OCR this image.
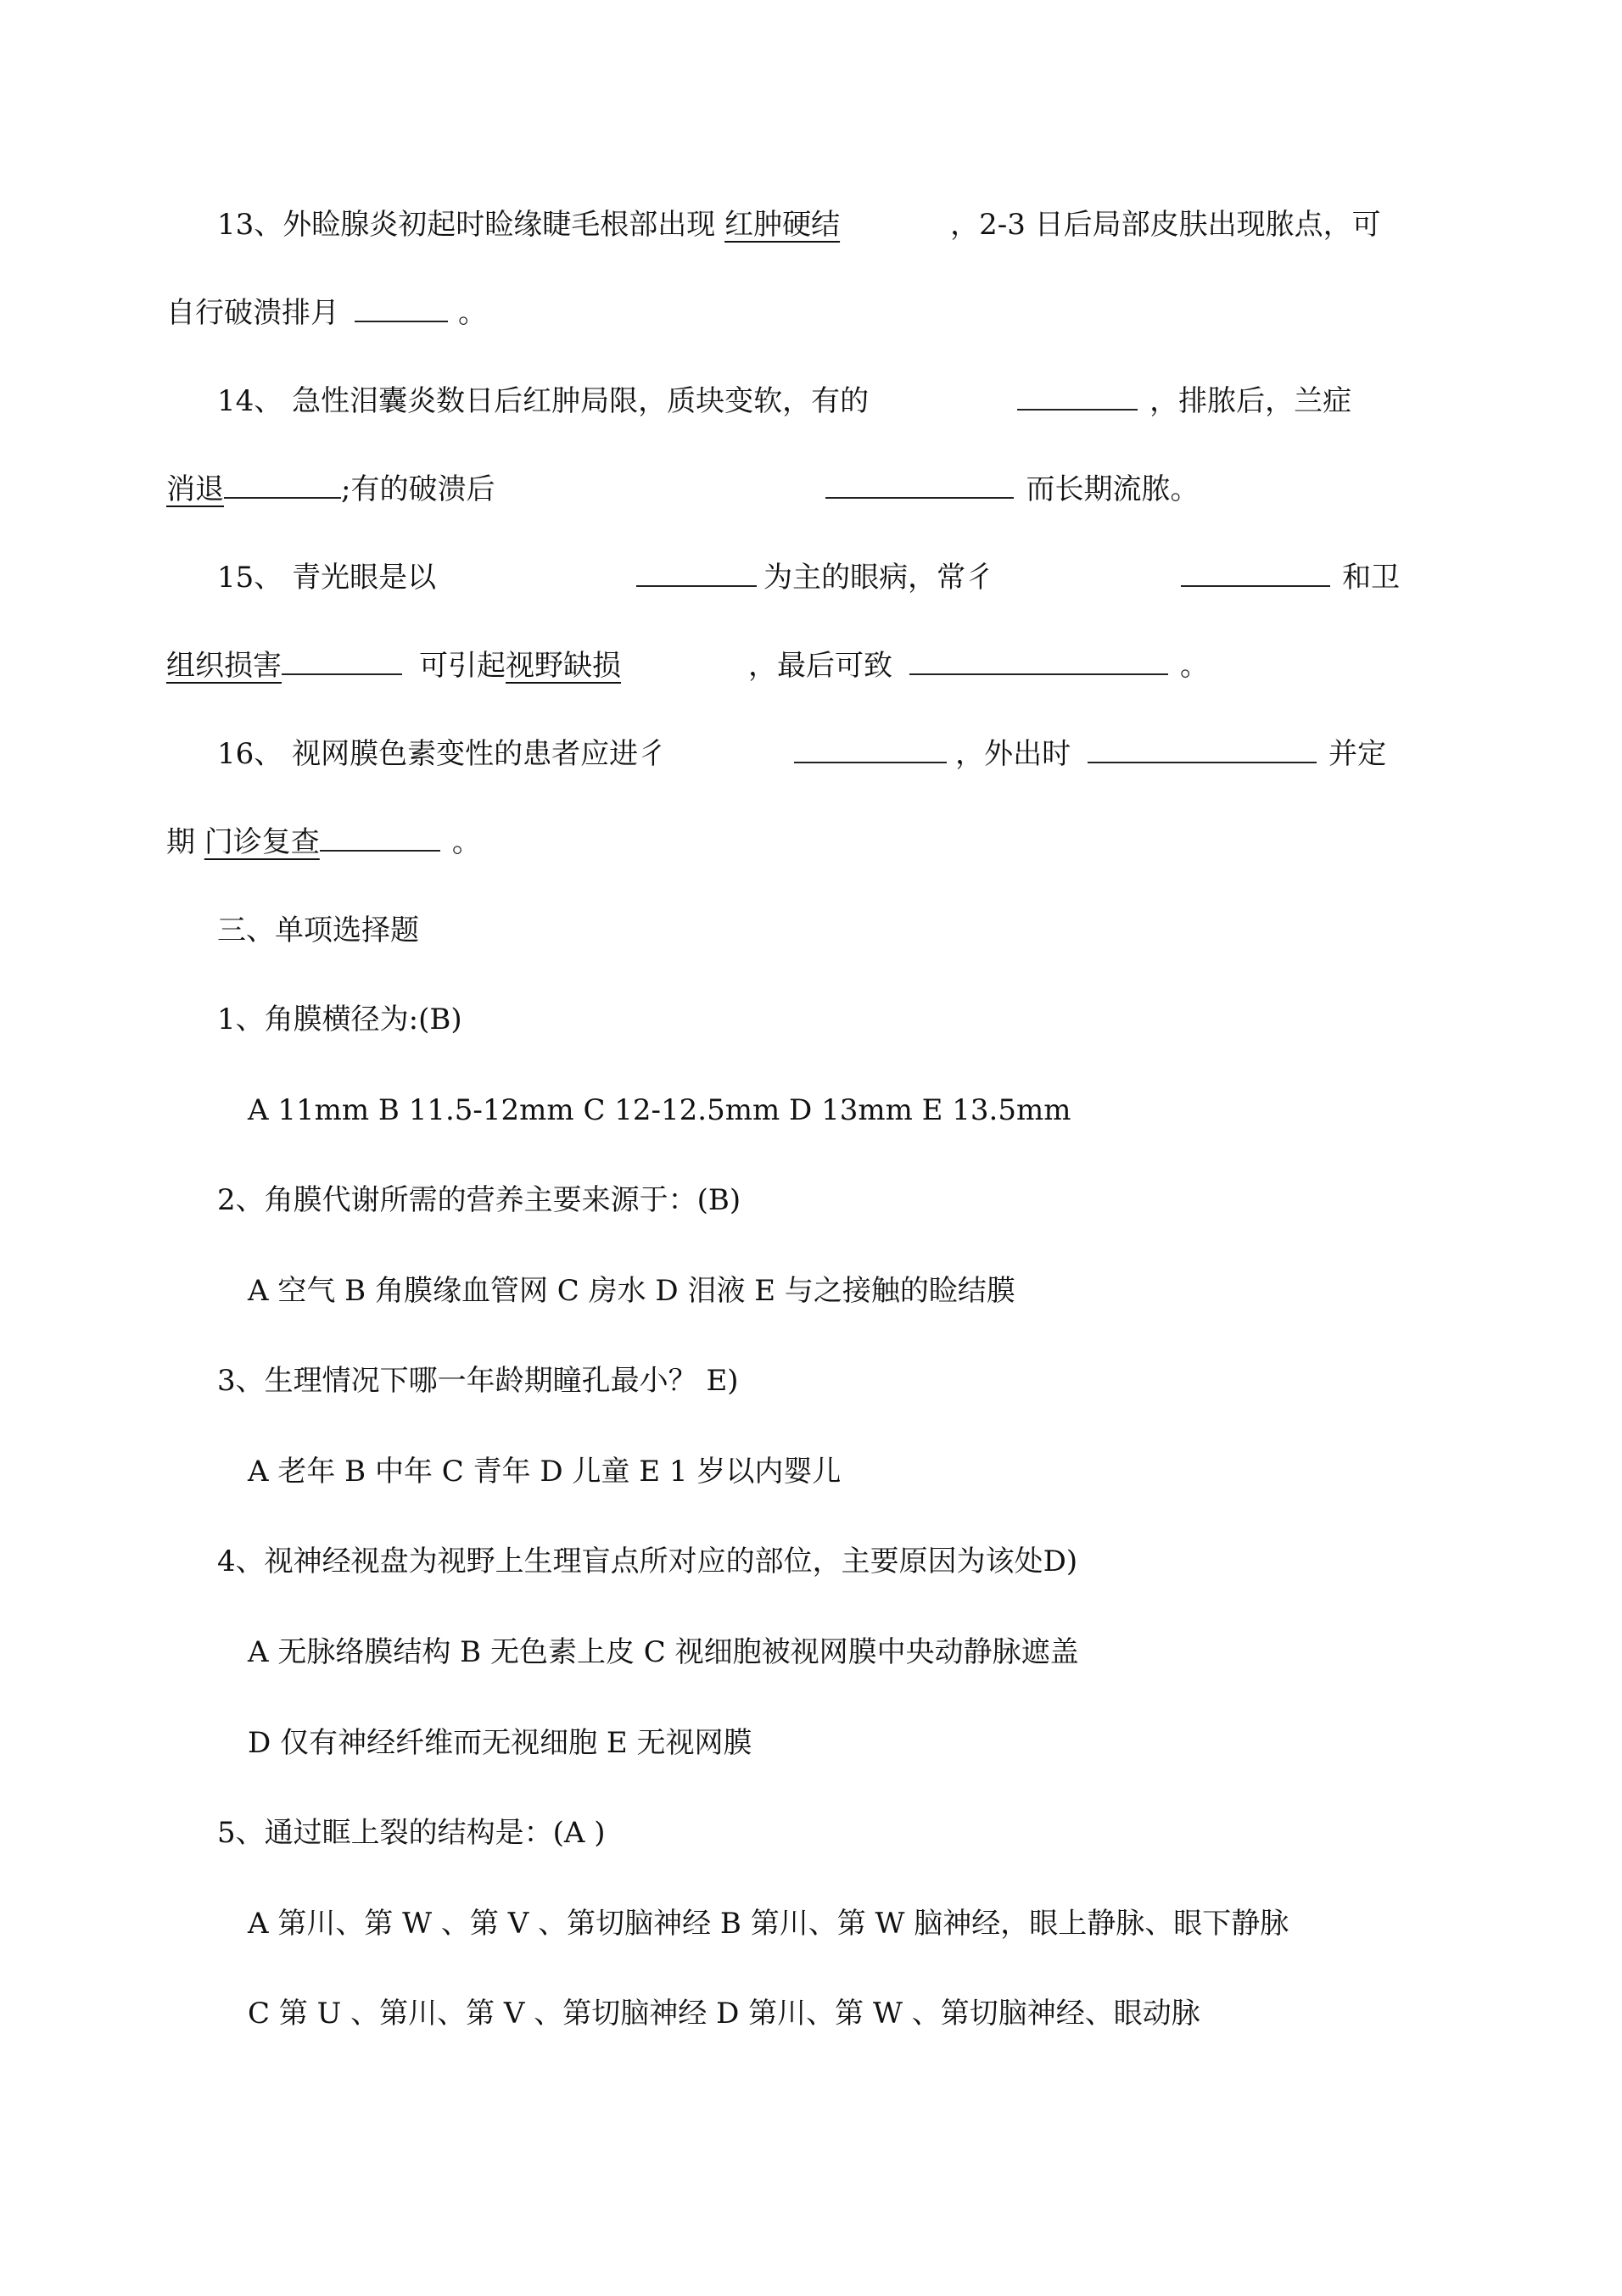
13、外睑腺炎初起时睑缘睫毛根部出现 红肿硬结	，2-3 日后局部皮肤出现脓点，可
自行破溃排月	。
14、 急性泪囊炎数日后红肿局限，质块变软，有的	，排脓后，兰症
消退	;有的破溃后	而长期流脓。
15、 青光眼是以	为主的眼病，常彳	和卫
组织损害	可引起视野缺损	，最后可致	。
16、 视网膜色素变性的患者应进彳	，外出时	并定
期 门诊复查	。
三、单项选择题
1、角膜横径为:(B)
A 11mm B 11.5-12mm C 12-12.5mm D 13mm E 13.5mm
2、角膜代谢所需的营养主要来源于：(B)
A 空气 B 角膜缘血管网 C 房水 D 泪液 E 与之接触的睑结膜
3、生理情况下哪一年龄期瞳孔最小？ E)
A 老年 B 中年 C 青年 D 儿童 E 1 岁以内婴儿
4、视神经视盘为视野上生理盲点所对应的部位，主要原因为该处D)
A 无脉络膜结构 B 无色素上皮 C 视细胞被视网膜中央动静脉遮盖
D 仅有神经纤维而无视细胞 E 无视网膜
5、通过眶上裂的结构是：(A )
A 第川、第 W 、第 V 、第切脑神经 B 第川、第 W 脑神经，眼上静脉、眼下静脉
C 第 U 、第川、第 V 、第切脑神经 D 第川、第 W 、第切脑神经、眼动脉
